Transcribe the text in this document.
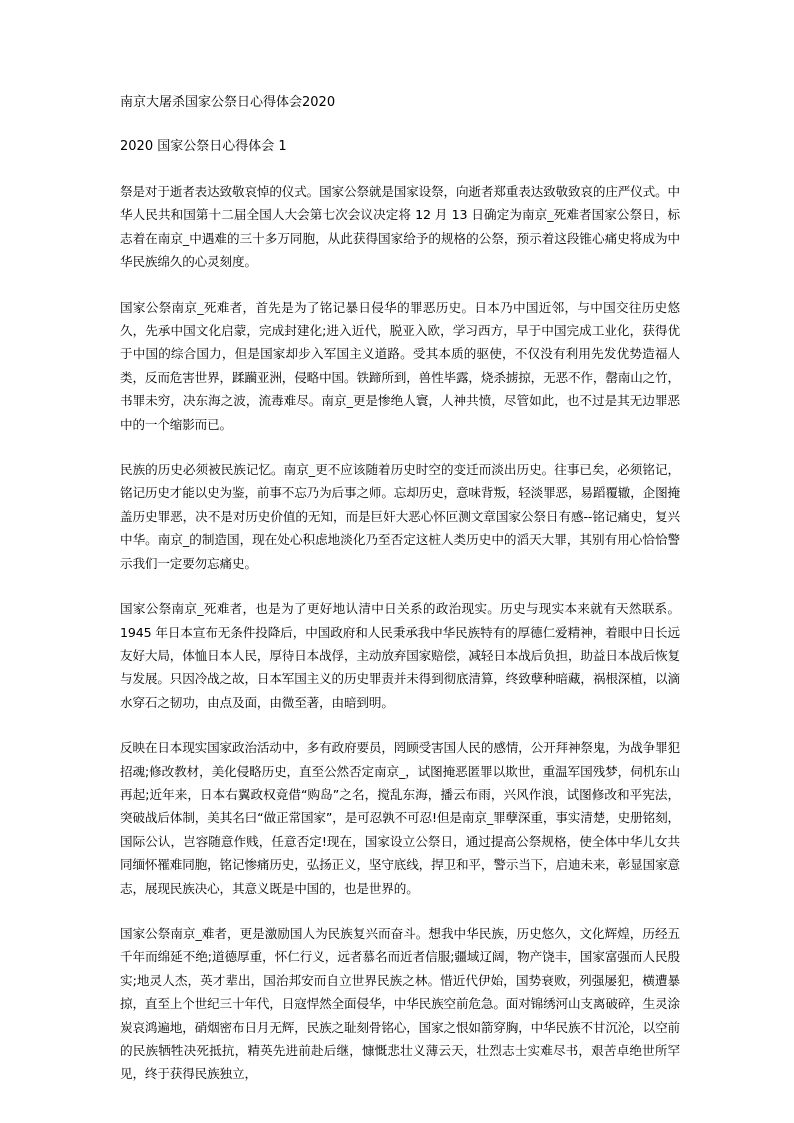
南京大屠杀国家公祭日心得体会2020
2020 国家公祭日心得体会 1

祭是对于逝者表达致敬哀悼的仪式。国家公祭就是国家设祭，向逝者郑重表达致敬致哀的庄严仪式。中华人民共和国第十二届全国人大会第七次会议决定将 12 月 13 日确定为南京_死难者国家公祭日，标志着在南京_中遇难的三十多万同胞，从此获得国家给予的规格的公祭，预示着这段锥心痛史将成为中华民族绵久的心灵刻度。

国家公祭南京_死难者，首先是为了铭记暴日侵华的罪恶历史。日本乃中国近邻，与中国交往历史悠久，先承中国文化启蒙，完成封建化;进入近代，脱亚入欧，学习西方，早于中国完成工业化，获得优于中国的综合国力，但是国家却步入军国主义道路。受其本质的驱使，不仅没有利用先发优势造福人类，反而危害世界，蹂躏亚洲，侵略中国。铁蹄所到，兽性毕露，烧杀掳掠，无恶不作，罄南山之竹，书罪未穷，决东海之波，流毒难尽。南京_更是惨绝人寰，人神共愤，尽管如此，也不过是其无边罪恶中的一个缩影而已。

民族的历史必须被民族记忆。南京_更不应该随着历史时空的变迁而淡出历史。往事已矣，必须铭记，铭记历史才能以史为鉴，前事不忘乃为后事之师。忘却历史，意味背叛，轻淡罪恶，易蹈覆辙，企图掩盖历史罪恶，决不是对历史价值的无知，而是巨奸大恶心怀叵测文章国家公祭日有感--铭记痛史，复兴中华。南京_的制造国，现在处心积虑地淡化乃至否定这桩人类历史中的滔天大罪，其别有用心恰恰警示我们一定要勿忘痛史。

国家公祭南京_死难者，也是为了更好地认清中日关系的政治现实。历史与现实本来就有天然联系。1945 年日本宣布无条件投降后，中国政府和人民秉承我中华民族特有的厚德仁爱精神，着眼中日长远友好大局，体恤日本人民，厚待日本战俘，主动放弃国家赔偿，减轻日本战后负担，助益日本战后恢复与发展。只因冷战之故，日本军国主义的历史罪责并未得到彻底清算，终致孽种暗藏，祸根深植，以滴水穿石之韧功，由点及面，由微至著，由暗到明。

反映在日本现实国家政治活动中，多有政府要员，罔顾受害国人民的感情，公开拜神祭鬼，为战争罪犯招魂;修改教材，美化侵略历史，直至公然否定南京_，试图掩恶匿罪以欺世，重温军国残梦，伺机东山再起;近年来，日本右翼政权竟借“购岛”之名，搅乱东海，播云布雨，兴风作浪，试图修改和平宪法，突破战后体制，美其名曰“做正常国家”，是可忍孰不可忍!但是南京_罪孽深重，事实清楚，史册铭刻，国际公认，岂容随意作贱，任意否定!现在，国家设立公祭日，通过提高公祭规格，使全体中华儿女共同缅怀罹难同胞，铭记惨痛历史，弘扬正义，坚守底线，捍卫和平，警示当下，启迪未来，彰显国家意志，展现民族决心，其意义既是中国的，也是世界的。

国家公祭南京_难者，更是激励国人为民族复兴而奋斗。想我中华民族，历史悠久，文化辉煌，历经五千年而绵延不绝;道德厚重，怀仁行义，远者慕名而近者信服;疆域辽阔，物产饶丰，国家富强而人民殷实;地灵人杰，英才辈出，国治邦安而自立世界民族之林。惜近代伊始，国势衰败，列强屡犯，横遭暴掠，直至上个世纪三十年代，日寇悍然全面侵华，中华民族空前危急。面对锦绣河山支离破碎，生灵涂炭哀鸿遍地，硝烟密布日月无辉，民族之耻刻骨铭心，国家之恨如箭穿胸，中华民族不甘沉沦，以空前的民族牺牲决死抵抗，精英先进前赴后继，慷慨悲壮义薄云天，壮烈志士实难尽书，艰苦卓绝世所罕见，终于获得民族独立，
